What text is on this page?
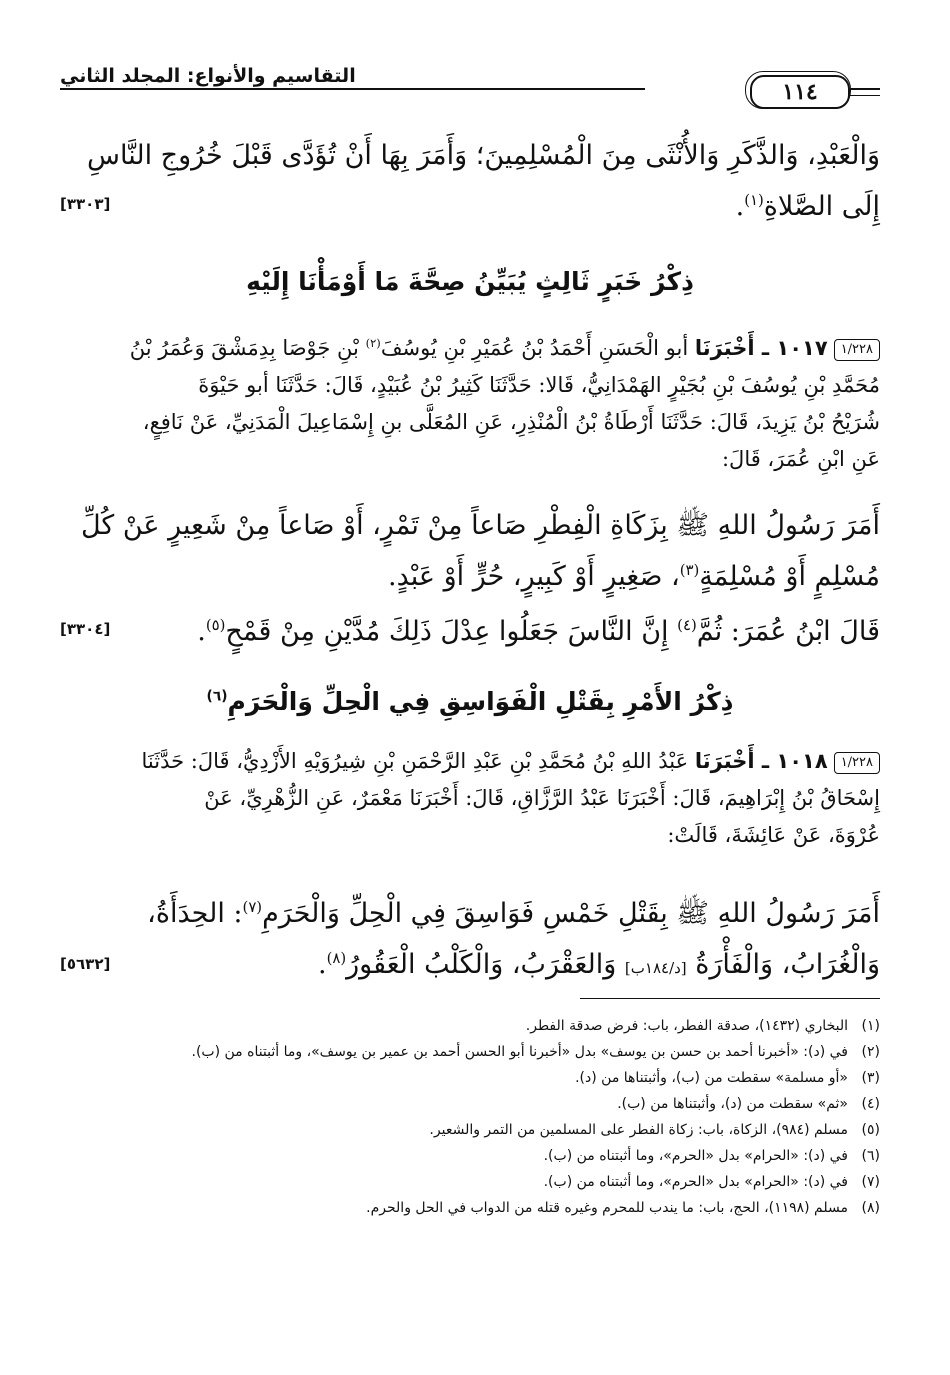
التقاسيم والأنواع: المجلد الثاني
١١٤

وَالْعَبْدِ، وَالذَّكَرِ وَالأُنْثَى مِنَ الْمُسْلِمِينَ؛ وَأَمَرَ بِهَا أَنْ تُؤَدَّى قَبْلَ خُرُوجِ النَّاسِ

إِلَى الصَّلاةِ$^{(١)}$.

[٣٣٠٣]

ذِكْرُ خَبَرٍ ثَالِثٍ يُبَيِّنُ صِحَّةَ مَا أَوْمَأْنَا إِلَيْهِ

١/٢٢٨١٠١٧ ـ أَخْبَرَنَا أبو الْحَسَنِ أَحْمَدُ بْنُ عُمَيْرِ بْنِ يُوسُفَ$^{(٢)}$ بْنِ جَوْصَا بِدِمَشْقَ وَعُمَرُ بْنُ

مُحَمَّدِ بْنِ يُوسُفَ بْنِ بُجَيْرٍ الهَمْدَانِيُّ، قَالا: حَدَّثَنَا كَثِيرُ بْنُ عُبَيْدٍ، قَالَ: حَدَّثَنَا أبو حَيْوَةَ

شُرَيْحُ بْنُ يَزِيدَ، قَالَ: حَدَّثَنَا أَرْطَاةُ بْنُ الْمُنْذِرِ، عَنِ المُعَلَّى بنِ إِسْمَاعِيلَ الْمَدَنِيِّ، عَنْ نَافِعٍ،

عَنِ ابْنِ عُمَرَ، قَالَ:

أَمَرَ رَسُولُ اللهِ ﷺ بِزَكَاةِ الْفِطْرِ صَاعاً مِنْ تَمْرٍ، أَوْ صَاعاً مِنْ شَعِيرٍ عَنْ كُلِّ

مُسْلِمٍ أَوْ مُسْلِمَةٍ$^{(٣)}$، صَغِيرٍ أَوْ كَبِيرٍ، حُرٍّ أَوْ عَبْدٍ.

قَالَ ابْنُ عُمَرَ: ثُمَّ$^{(٤)}$ إِنَّ النَّاسَ جَعَلُوا عِدْلَ ذَلِكَ مُدَّيْنِ مِنْ قَمْحٍ$^{(٥)}$.

[٣٣٠٤]

ذِكْرُ الأَمْرِ بِقَتْلِ الْفَوَاسِقِ فِي الْحِلِّ وَالْحَرَمِ$^{(٦)}$

١/٢٢٨١٠١٨ ـ أَخْبَرَنَا عَبْدُ اللهِ بْنُ مُحَمَّدِ بْنِ عَبْدِ الرَّحْمَنِ بْنِ شِيرُوَيْهِ الأَزْدِيُّ، قَالَ: حَدَّثَنَا

إِسْحَاقُ بْنُ إِبْرَاهِيمَ، قَالَ: أَخْبَرَنَا عَبْدُ الرَّزَّاقِ، قَالَ: أَخْبَرَنَا مَعْمَرٌ، عَنِ الزُّهْرِيِّ، عَنْ

عُرْوَةَ، عَنْ عَائِشَةَ، قَالَتْ:

أَمَرَ رَسُولُ اللهِ ﷺ بِقَتْلِ خَمْسِ فَوَاسِقَ فِي الْحِلِّ وَالْحَرَمِ$^{(٧)}$: الحِدَأَةُ،

وَالْغُرَابُ، وَالْفَأْرَةُ [د/١٨٤ب] وَالعَقْرَبُ، وَالْكَلْبُ الْعَقُورُ$^{(٨)}$.

[٥٦٣٢]
(١)
البخاري (١٤٣٢)، صدقة الفطر، باب: فرض صدقة الفطر.
(٢)
في (د): «أخبرنا أحمد بن حسن بن يوسف» بدل «أخبرنا أبو الحسن أحمد بن عمير بن يوسف»، وما أثبتناه من (ب).
(٣)
«أو مسلمة» سقطت من (ب)، وأثبتناها من (د).
(٤)
«ثم» سقطت من (د)، وأثبتناها من (ب).
(٥)
مسلم (٩٨٤)، الزكاة، باب: زكاة الفطر على المسلمين من التمر والشعير.
(٦)
في (د): «الحرام» بدل «الحرم»، وما أثبتناه من (ب).
(٧)
في (د): «الحرام» بدل «الحرم»، وما أثبتناه من (ب).
(٨)
مسلم (١١٩٨)، الحج، باب: ما يندب للمحرم وغيره قتله من الدواب في الحل والحرم.
